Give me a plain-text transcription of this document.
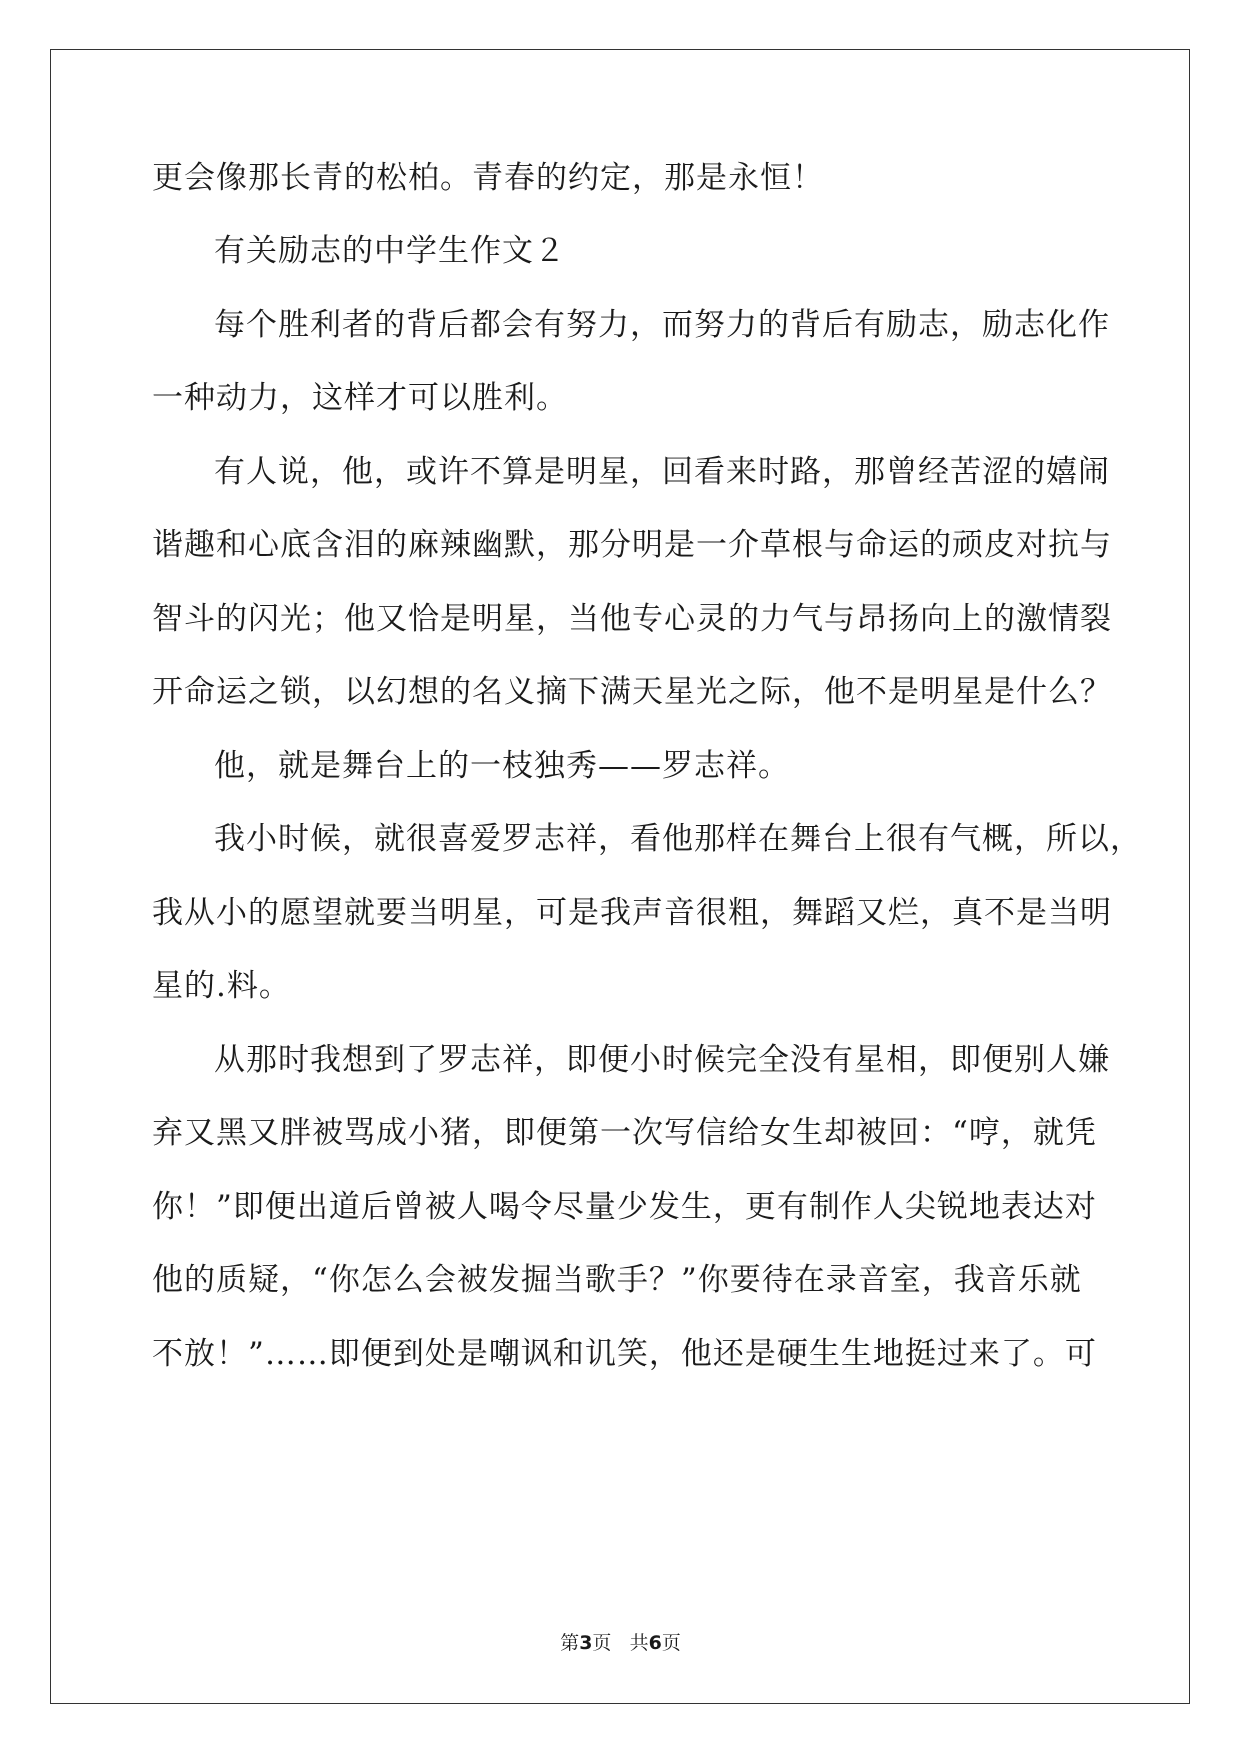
更会像那长青的松柏。青春的约定，那是永恒！
有关励志的中学生作文２
每个胜利者的背后都会有努力，而努力的背后有励志，励志化作
一种动力，这样才可以胜利。
有人说，他，或许不算是明星，回看来时路，那曾经苦涩的嬉闹
谐趣和心底含泪的麻辣幽默，那分明是一介草根与命运的顽皮对抗与
智斗的闪光；他又恰是明星，当他专心灵的力气与昂扬向上的激情裂
开命运之锁，以幻想的名义摘下满天星光之际，他不是明星是什么？
他，就是舞台上的一枝独秀——罗志祥。
我小时候，就很喜爱罗志祥，看他那样在舞台上很有气概，所以，
我从小的愿望就要当明星，可是我声音很粗，舞蹈又烂，真不是当明
星的.料。
从那时我想到了罗志祥，即便小时候完全没有星相，即便别人嫌
弃又黑又胖被骂成小猪，即便第一次写信给女生却被回：“哼，就凭
你！”即便出道后曾被人喝令尽量少发生，更有制作人尖锐地表达对
他的质疑，“你怎么会被发掘当歌手？”你要待在录音室，我音乐就
不放！”……即便到处是嘲讽和讥笑，他还是硬生生地挺过来了。可
第3页 共6页
